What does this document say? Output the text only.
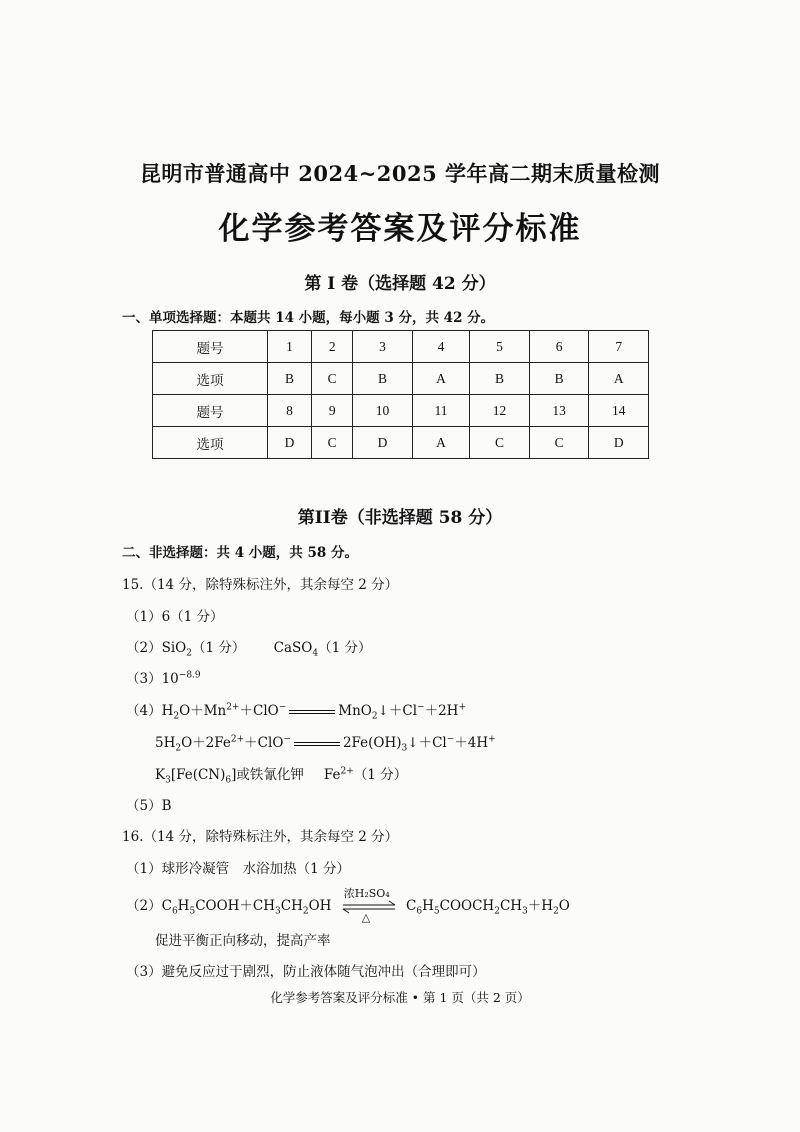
昆明市普通高中 2024~2025 学年高二期末质量检测
化学参考答案及评分标准
第 I 卷（选择题 42 分）
一、单项选择题：本题共 14 小题，每小题 3 分，共 42 分。
题号	1	2	3	4	5	6	7
选项	B	C	B	A	B	B	A
题号	8	9	10	11	12	13	14
选项	D	C	D	A	C	C	D
第II卷（非选择题 58 分）
二、非选择题：共 4 小题，共 58 分。
15.（14 分，除特殊标注外，其余每空 2 分）
（1）6（1 分）
（2）SiO$_2$（1 分） CaSO$_4$（1 分）
$(3)10^{-8.9}$
$(4)H_2O+Mn^{2+}+ClO^-$	MnO$_2$↓＋Cl−＋2H+
$5H_2O+2Fe^{2+}+ClO^-$	$2Fe(OH)_3↓+Cl^-+4H^+$
$K_3[Fe(CN)_6]$或铁氰化钾 $Fe^{2+}(1$ 分）
（5）B
16.（14 分，除特殊标注外，其余每空 2 分）
（1）球形冷凝管　水浴加热（1 分）
$(2)C_6H_5COOH+CH_3CH_2OH$
浓H₂SO₄
△
$C_6H_5COOCH_2CH_3+H_2O$
促进平衡正向移动，提高产率
（3）避免反应过于剧烈，防止液体随气泡冲出（合理即可）
化学参考答案及评分标准 • 第 1 页（共 2 页）
